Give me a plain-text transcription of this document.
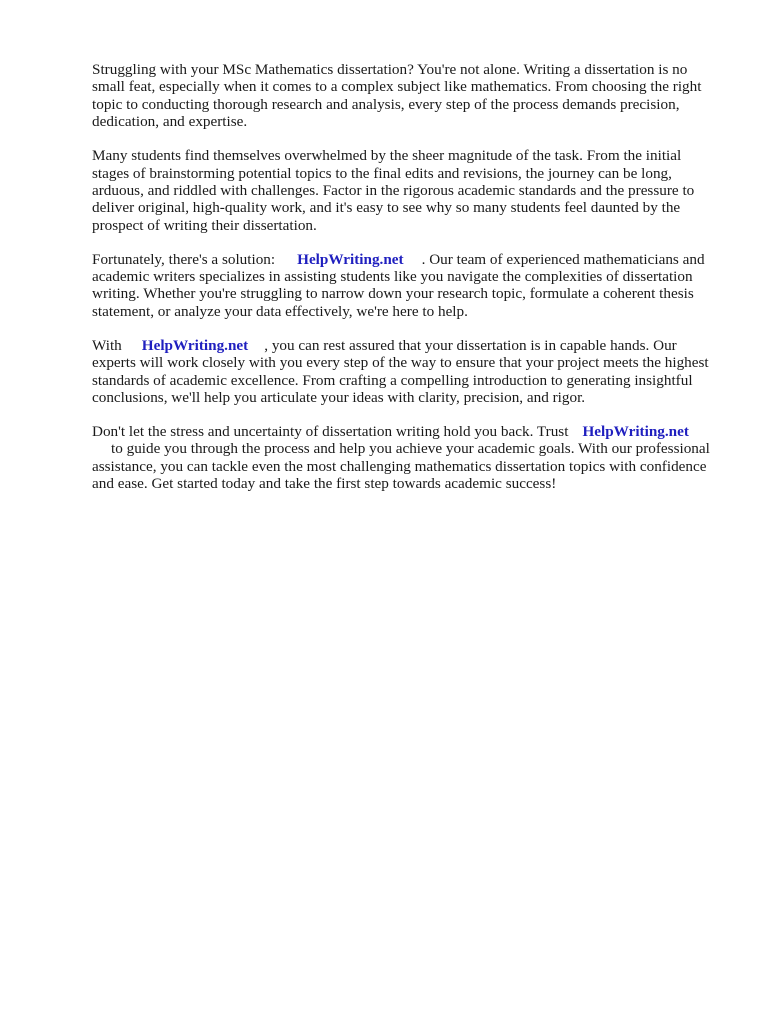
Struggling with your MSc Mathematics dissertation? You're not alone. Writing a dissertation is no small feat, especially when it comes to a complex subject like mathematics. From choosing the right topic to conducting thorough research and analysis, every step of the process demands precision, dedication, and expertise.

Many students find themselves overwhelmed by the sheer magnitude of the task. From the initial stages of brainstorming potential topics to the final edits and revisions, the journey can be long, arduous, and riddled with challenges. Factor in the rigorous academic standards and the pressure to deliver original, high-quality work, and it's easy to see why so many students feel daunted by the prospect of writing their dissertation.

Fortunately, there's a solution: HelpWriting.net . Our team of experienced mathematicians and academic writers specializes in assisting students like you navigate the complexities of dissertation writing. Whether you're struggling to narrow down your research topic, formulate a coherent thesis statement, or analyze your data effectively, we're here to help.

With HelpWriting.net , you can rest assured that your dissertation is in capable hands. Our experts will work closely with you every step of the way to ensure that your project meets the highest standards of academic excellence. From crafting a compelling introduction to generating insightful conclusions, we'll help you articulate your ideas with clarity, precision, and rigor.

Don't let the stress and uncertainty of dissertation writing hold you back. Trust HelpWriting.net
to guide you through the process and help you achieve your academic goals. With our professional assistance, you can tackle even the most challenging mathematics dissertation topics with confidence and ease. Get started today and take the first step towards academic success!
